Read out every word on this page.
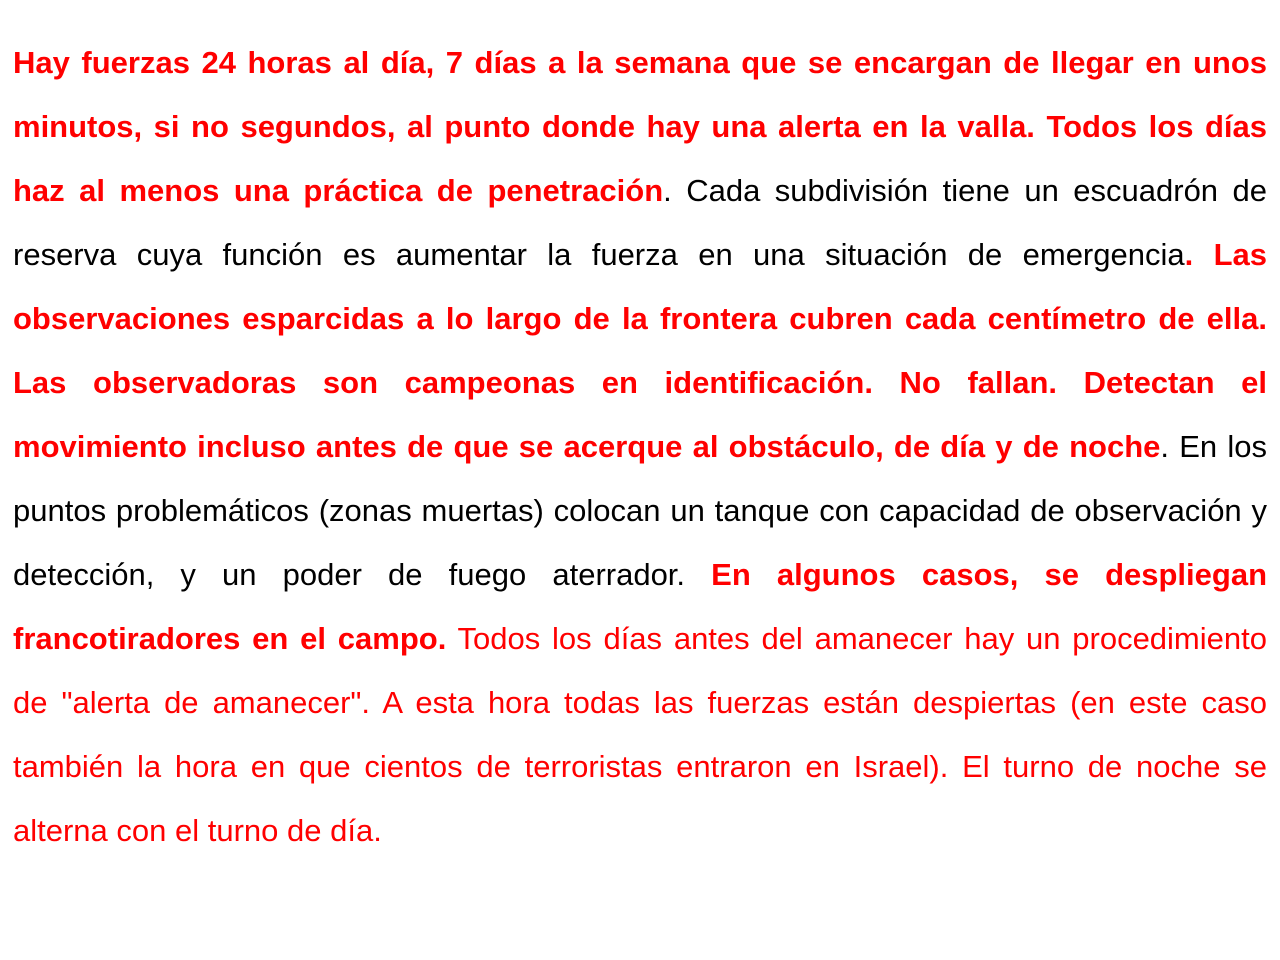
Hay fuerzas 24 horas al día, 7 días a la semana que se encargan de llegar en unos minutos, si no segundos, al punto donde hay una alerta en la valla. Todos los días haz al menos una práctica de penetración. Cada subdivisión tiene un escuadrón de reserva cuya función es aumentar la fuerza en una situación de emergencia. Las observaciones esparcidas a lo largo de la frontera cubren cada centímetro de ella. Las observadoras son campeonas en identificación. No fallan. Detectan el movimiento incluso antes de que se acerque al obstáculo, de día y de noche. En los puntos problemáticos (zonas muertas) colocan un tanque con capacidad de observación y detección, y un poder de fuego aterrador. En algunos casos, se despliegan francotiradores en el campo. Todos los días antes del amanecer hay un procedimiento de "alerta de amanecer". A esta hora todas las fuerzas están despiertas (en este caso también la hora en que cientos de terroristas entraron en Israel). El turno de noche se alterna con el turno de día.
